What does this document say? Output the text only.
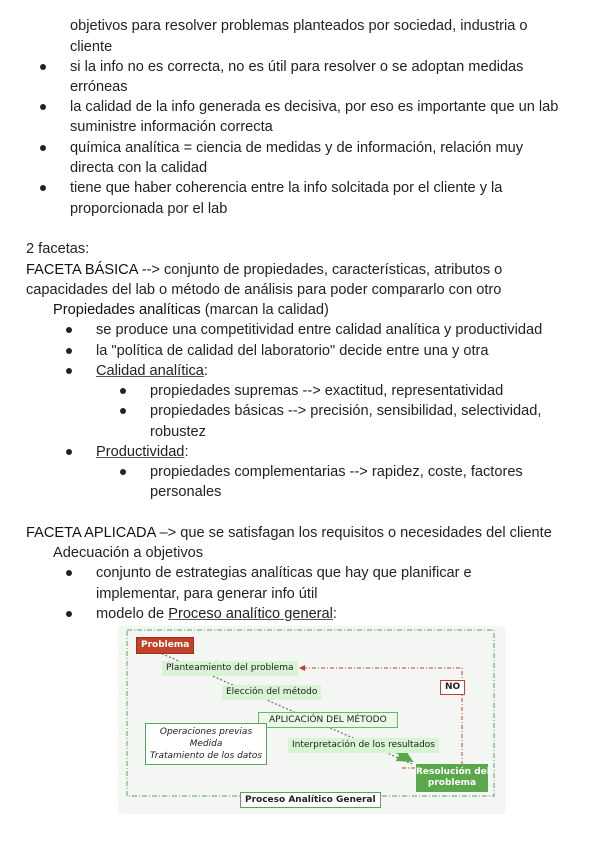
objetivos para resolver problemas planteados por sociedad, industria o
cliente
si la info no es correcta, no es útil para resolver o se adoptan medidas
erróneas
la calidad de la info generada es decisiva, por eso es importante que un lab
suministre información correcta
química analítica = ciencia de medidas y de información, relación muy
directa con la calidad
tiene que haber coherencia entre la info solcitada por el cliente y la
proporcionada por el lab
2 facetas:
FACETA BÁSICA --> conjunto de propiedades, características, atributos o
capacidades del lab o método de análisis para poder compararlo con otro
Propiedades analíticas (marcan la calidad)
se produce una competitividad entre calidad analítica y productividad
la "política de calidad del laboratorio" decide entre una y otra
Calidad analítica:
propiedades supremas --> exactitud, representatividad
propiedades básicas --> precisión, sensibilidad, selectividad,
robustez
Productividad:
propiedades complementarias --> rapidez, coste, factores
personales
FACETA APLICADA –> que se satisfagan los requisitos o necesidades del cliente
Adecuación a objetivos
conjunto de estrategias analíticas que hay que planificar e
implementar, para generar info útil
modelo de Proceso analítico general:
Problema
Planteamiento del problema
Elección del método
APLICACIÓN DEL MÉTODO
Operaciones previas
Medida
Tratamiento de los datos
Interpretación de los resultados
NO
Resolución del
problema
Proceso Analítico General
